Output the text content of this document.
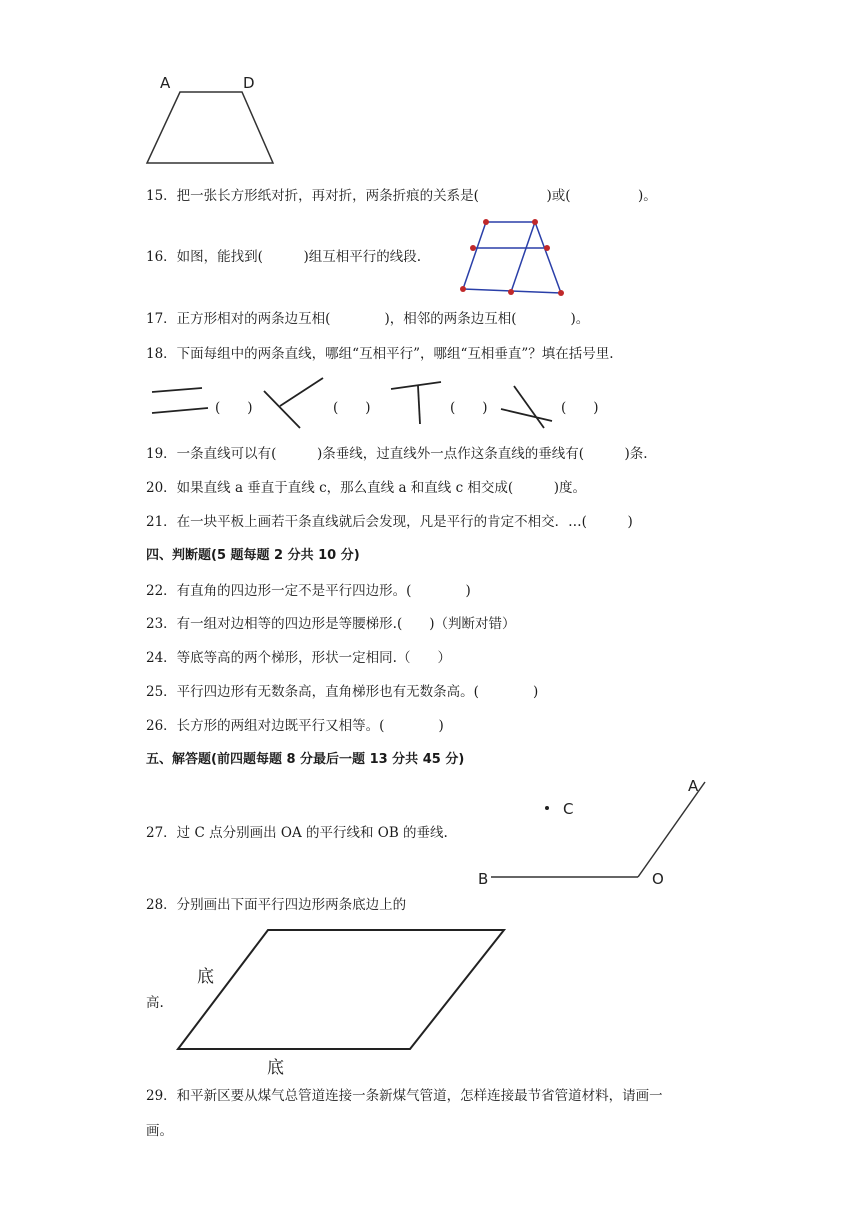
A	D
15．把一张长方形纸对折，再对折，两条折痕的关系是(　　　　　)或(　　　　　)。
16．如图，能找到(　　　)组互相平行的线段.
17．正方形相对的两条边互相(　　　　)，相邻的两条边互相(　　　　)。
18．下面每组中的两条直线，哪组“互相平行”，哪组“互相垂直”？填在括号里.
(　　)	(　　)	(　　)	(　　)
19．一条直线可以有(　　　)条垂线，过直线外一点作这条直线的垂线有(　　　)条.
20．如果直线 a 垂直于直线 c，那么直线 a 和直线 c 相交成(　　　)度。
21．在一块平板上画若干条直线就后会发现，凡是平行的肯定不相交．…(　　　)
四、判断题(5 题每题 2 分共 10 分)
22．有直角的四边形一定不是平行四边形。(　　　　)
23．有一组对边相等的四边形是等腰梯形.(　　)（判断对错）
24．等底等高的两个梯形，形状一定相同.（　　）
25．平行四边形有无数条高，直角梯形也有无数条高。(　　　　)
26．长方形的两组对边既平行又相等。(　　　　)
五、解答题(前四题每题 8 分最后一题 13 分共 45 分)
27．过 C 点分别画出 OA 的平行线和 OB 的垂线.
A
C
B	O
28．分别画出下面平行四边形两条底边上的
底
底
高.
29．和平新区要从煤气总管道连接一条新煤气管道，怎样连接最节省管道材料，请画一
画。
